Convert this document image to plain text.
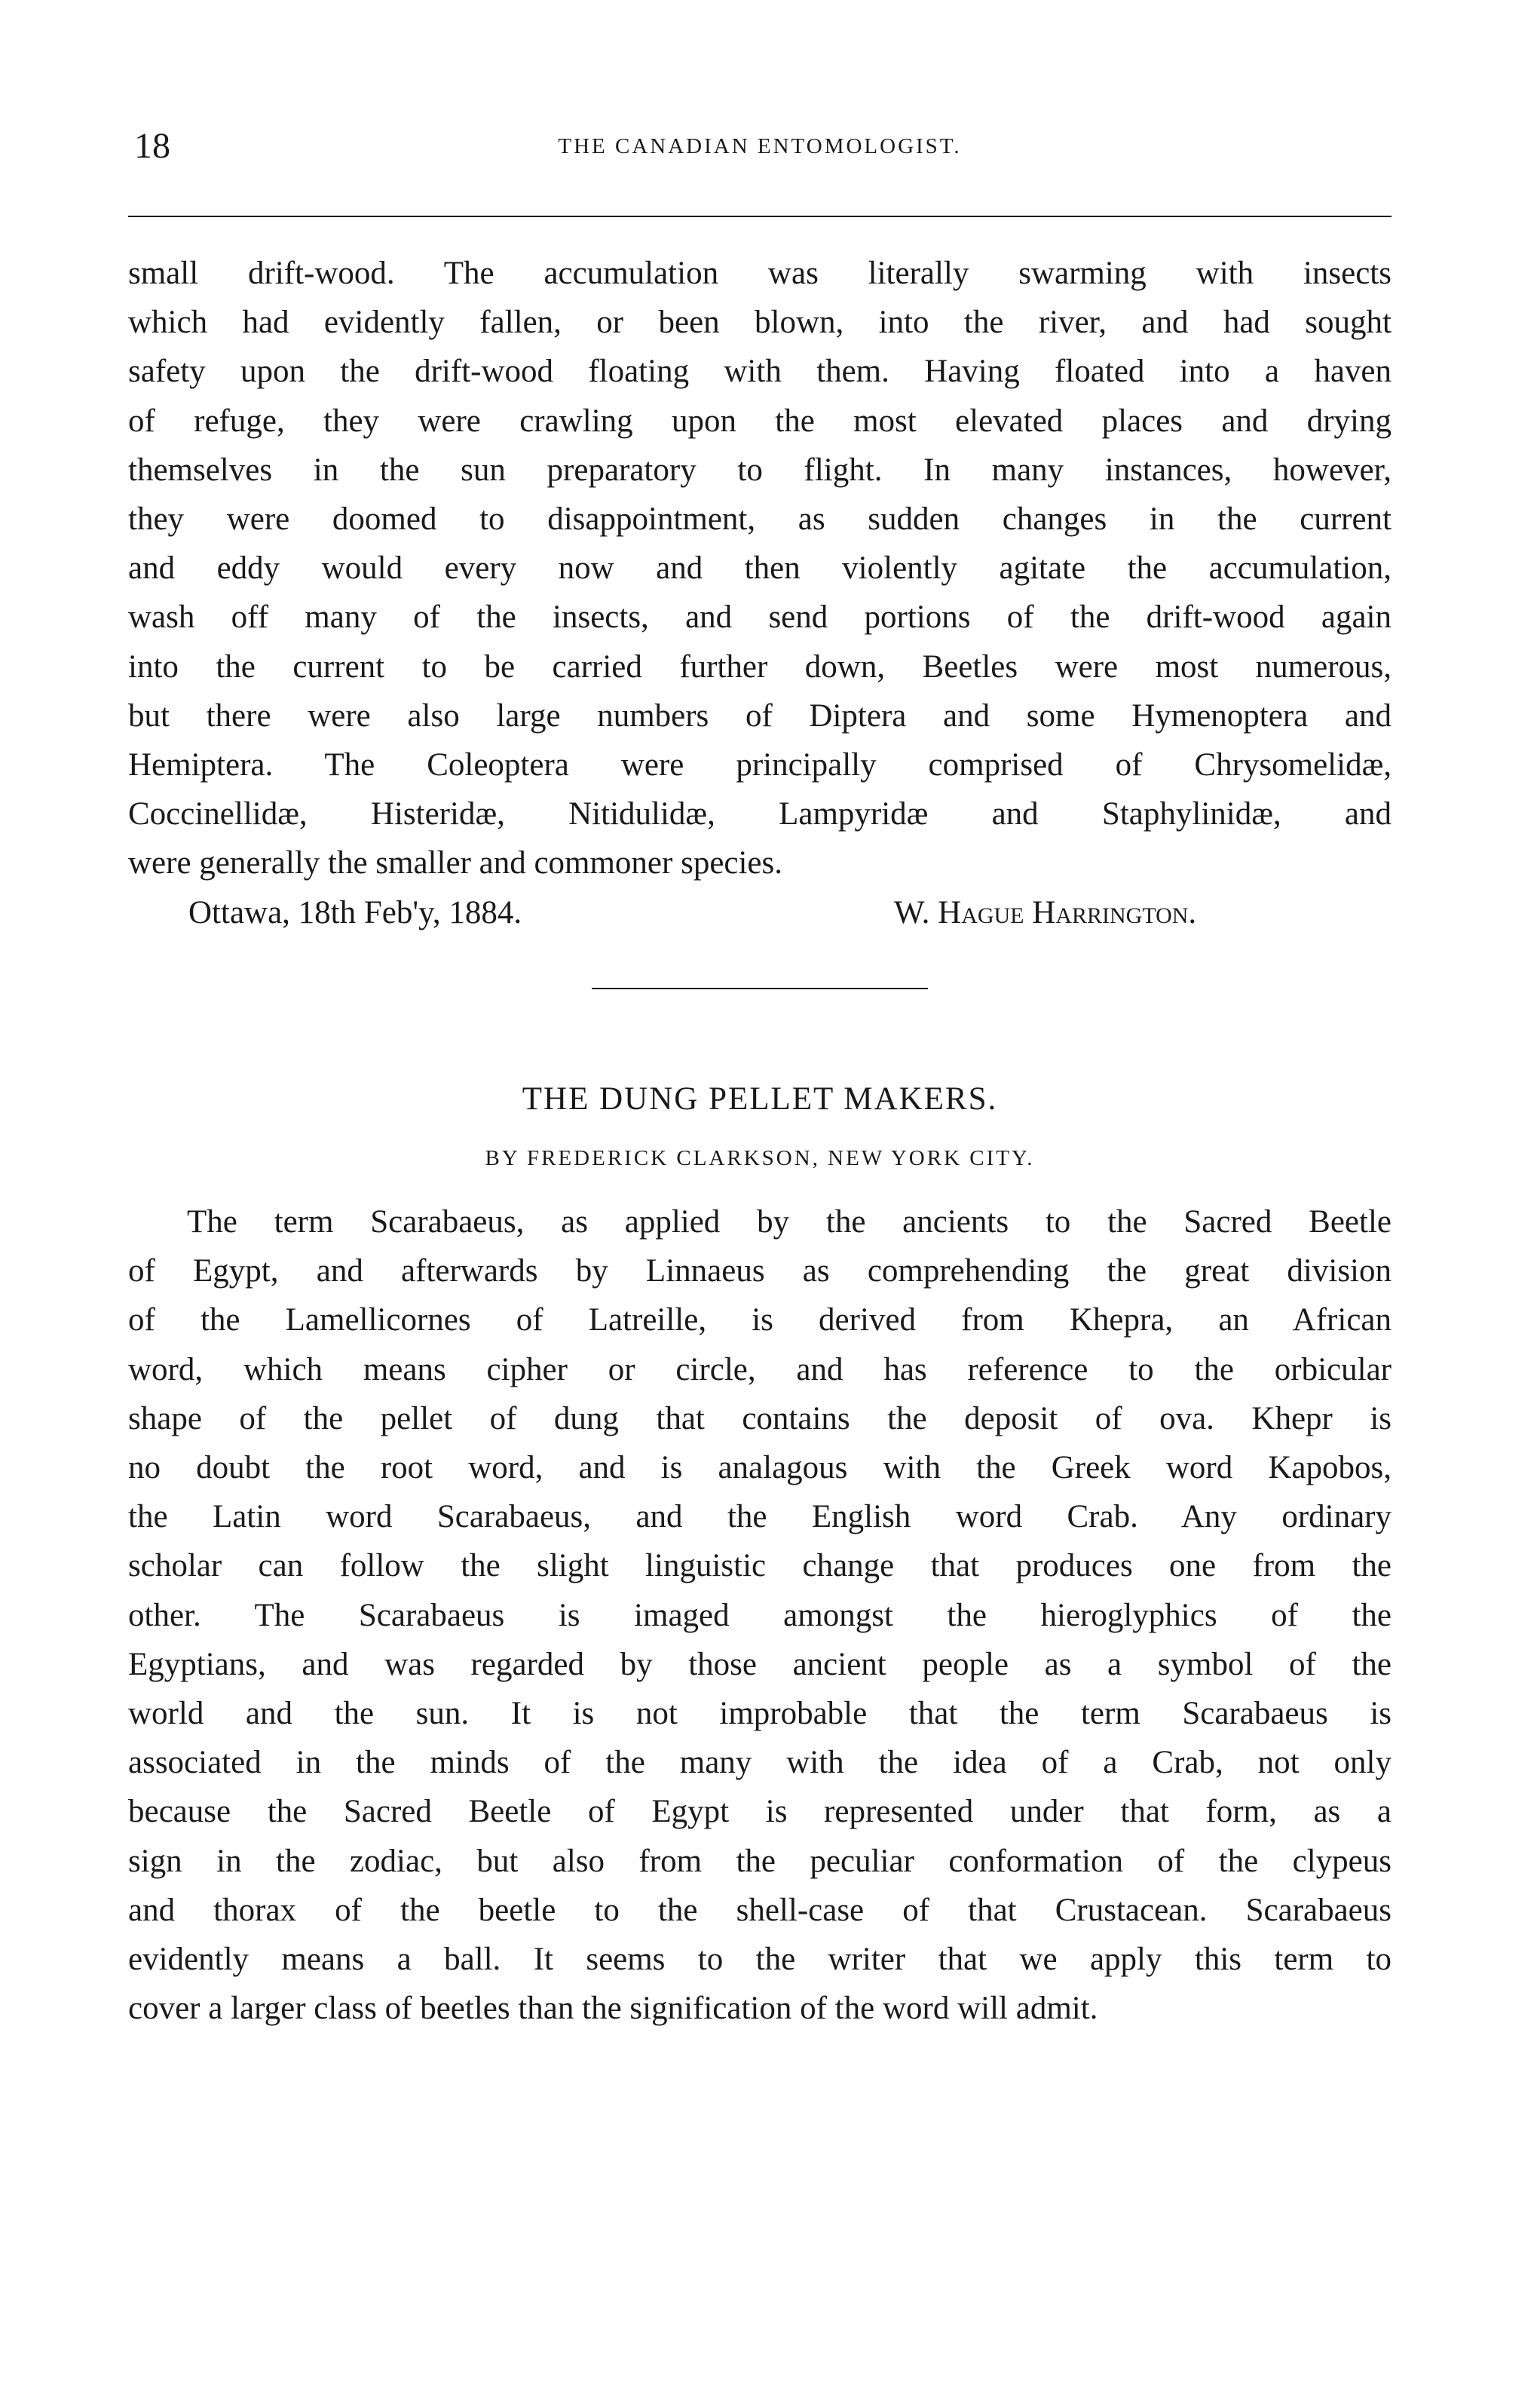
18	THE CANADIAN ENTOMOLOGIST.
small drift-wood. The accumulation was literally swarming with insects
which had evidently fallen, or been blown, into the river, and had sought
safety upon the drift-wood floating with them. Having floated into a haven
of refuge, they were crawling upon the most elevated places and drying
themselves in the sun preparatory to flight. In many instances, however,
they were doomed to disappointment, as sudden changes in the current
and eddy would every now and then violently agitate the accumulation,
wash off many of the insects, and send portions of the drift-wood again
into the current to be carried further down, Beetles were most numerous,
but there were also large numbers of Diptera and some Hymenoptera and
Hemiptera. The Coleoptera were principally comprised of Chrysomelidæ,
Coccinellidæ, Histeridæ, Nitidulidæ, Lampyridæ and Staphylinidæ, and
were generally the smaller and commoner species.
Ottawa, 18th Feb'y, 1884.	W. Hague Harrington.
THE DUNG PELLET MAKERS.
BY FREDERICK CLARKSON, NEW YORK CITY.
The term Scarabaeus, as applied by the ancients to the Sacred Beetle
of Egypt, and afterwards by Linnaeus as comprehending the great division
of the Lamellicornes of Latreille, is derived from Khepra, an African
word, which means cipher or circle, and has reference to the orbicular
shape of the pellet of dung that contains the deposit of ova. Khepr is
no doubt the root word, and is analagous with the Greek word Kapobos,
the Latin word Scarabaeus, and the English word Crab. Any ordinary
scholar can follow the slight linguistic change that produces one from the
other. The Scarabaeus is imaged amongst the hieroglyphics of the
Egyptians, and was regarded by those ancient people as a symbol of the
world and the sun. It is not improbable that the term Scarabaeus is
associated in the minds of the many with the idea of a Crab, not only
because the Sacred Beetle of Egypt is represented under that form, as a
sign in the zodiac, but also from the peculiar conformation of the clypeus
and thorax of the beetle to the shell-case of that Crustacean. Scarabaeus
evidently means a ball. It seems to the writer that we apply this term to
cover a larger class of beetles than the signification of the word will admit.
